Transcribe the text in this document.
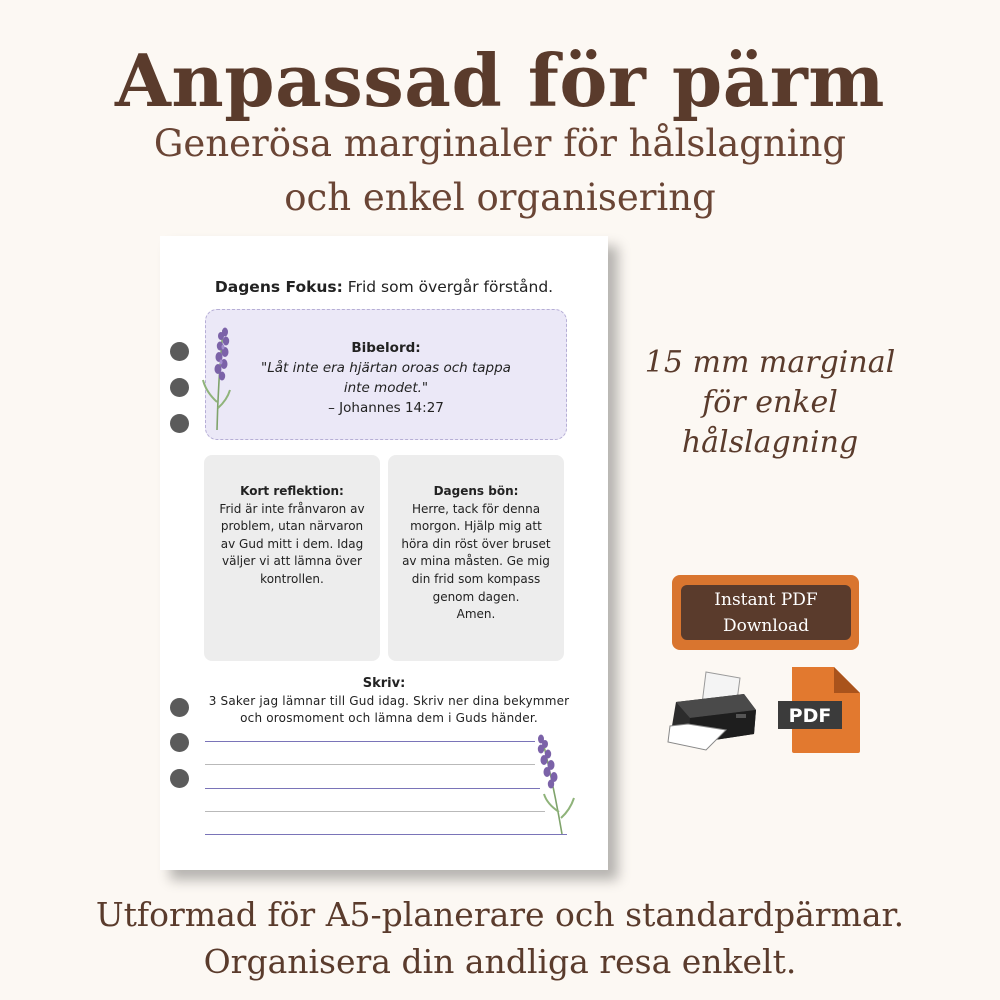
Anpassad för pärm
Generösa marginaler för hålslagning
och enkel organisering
Dagens Fokus: Frid som övergår förstånd.
Bibelord:
"Låt inte era hjärtan oroas och tappa
inte modet."
– Johannes 14:27
Kort reflektion:
Frid är inte frånvaron av
problem, utan närvaron
av Gud mitt i dem. Idag
väljer vi att lämna över
kontrollen.
Dagens bön:
Herre, tack för denna
morgon. Hjälp mig att
höra din röst över bruset
av mina måsten. Ge mig
din frid som kompass
genom dagen.
Amen.
Skriv:
3 Saker jag lämnar till Gud idag. Skriv ner dina bekymmer
och orosmoment och lämna dem i Guds händer.
15 mm marginal
för enkel
hålslagning
Instant PDF
Download
PDF
Utformad för A5-planerare och standardpärmar.
Organisera din andliga resa enkelt.
